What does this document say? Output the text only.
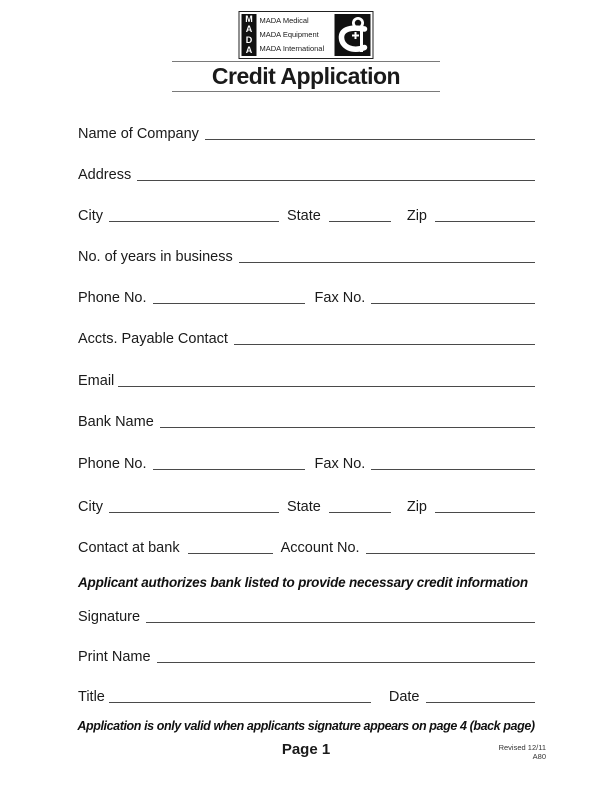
M
A
D
A
MADA Medical
MADA Equipment
MADA International
Credit Application
Name of Company
Address
City	State	Zip
No. of years in business
Phone No.	Fax No.
Accts. Payable Contact
Email
Bank Name
Phone No.	Fax No.
City	State	Zip
Contact at bank	Account No.
Applicant authorizes bank listed to provide necessary credit information
Signature
Print Name
Title	Date
Application is only valid when applicants signature appears on page 4 (back page)
Page 1	Revised 12/11
A80
